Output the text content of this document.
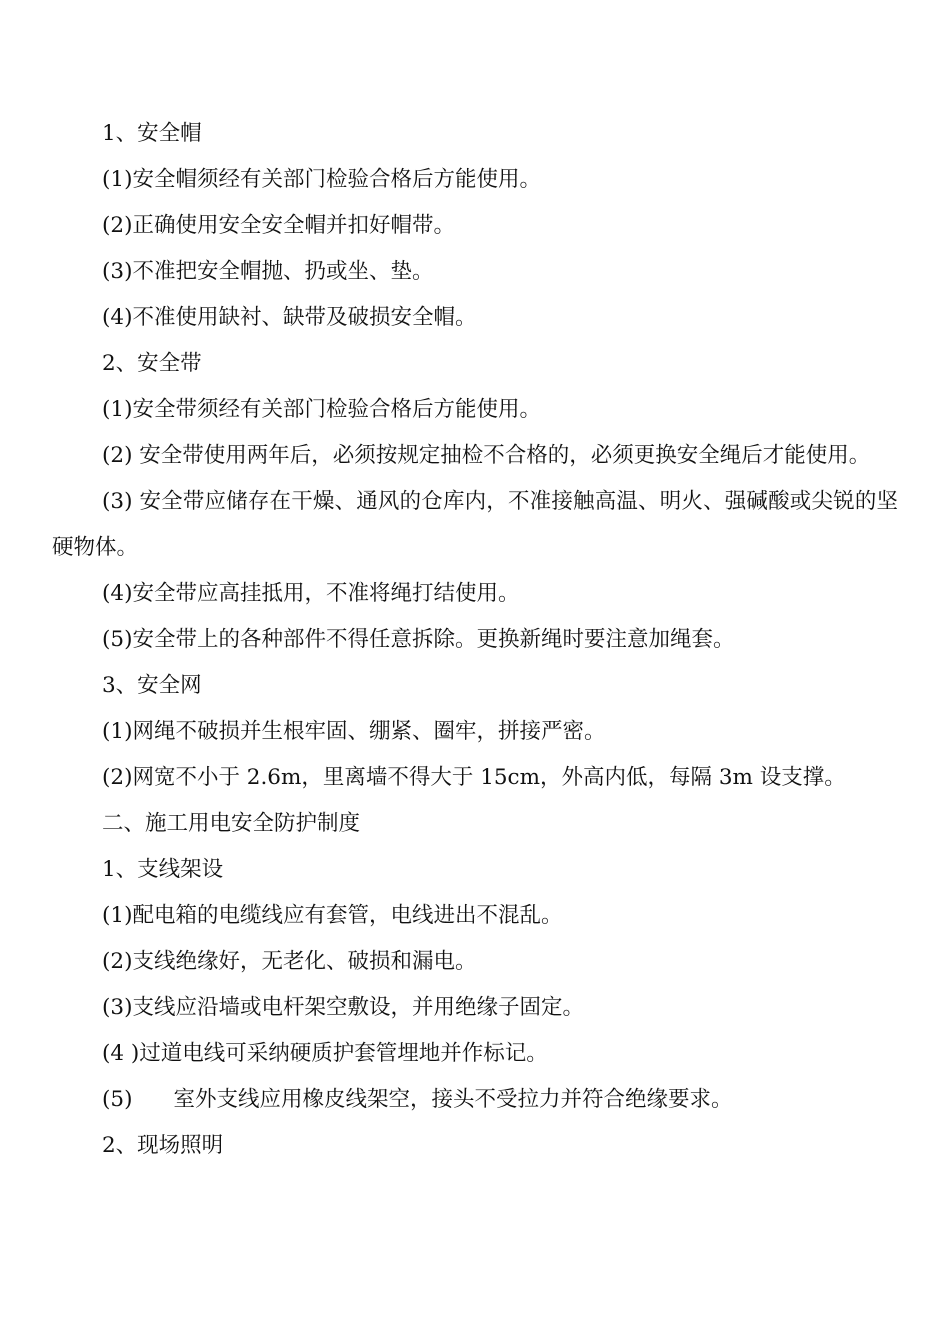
1、安全帽

(1)安全帽须经有关部门检验合格后方能使用。

(2)正确使用安全安全帽并扣好帽带。

(3)不准把安全帽抛、扔或坐、垫。

(4)不准使用缺衬、缺带及破损安全帽。

2、安全带

(1)安全带须经有关部门检验合格后方能使用。

(2) 安全带使用两年后，必须按规定抽检不合格的，必须更换安全绳后才能使用。

(3) 安全带应储存在干燥、通风的仓库内，不准接触高温、明火、强碱酸或尖锐的坚硬物体。

(4)安全带应高挂抵用，不准将绳打结使用。

(5)安全带上的各种部件不得任意拆除。更换新绳时要注意加绳套。

3、安全网

(1)网绳不破损并生根牢固、绷紧、圈牢，拼接严密。

(2)网宽不小于 2.6m，里离墙不得大于 15cm，外高内低，每隔 3m 设支撑。

二、施工用电安全防护制度

1、支线架设

(1)配电箱的电缆线应有套管，电线进出不混乱。

(2)支线绝缘好，无老化、破损和漏电。

(3)支线应沿墙或电杆架空敷设，并用绝缘子固定。

(4 )过道电线可采纳硬质护套管埋地并作标记。

(5)      室外支线应用橡皮线架空，接头不受拉力并符合绝缘要求。

2、现场照明
